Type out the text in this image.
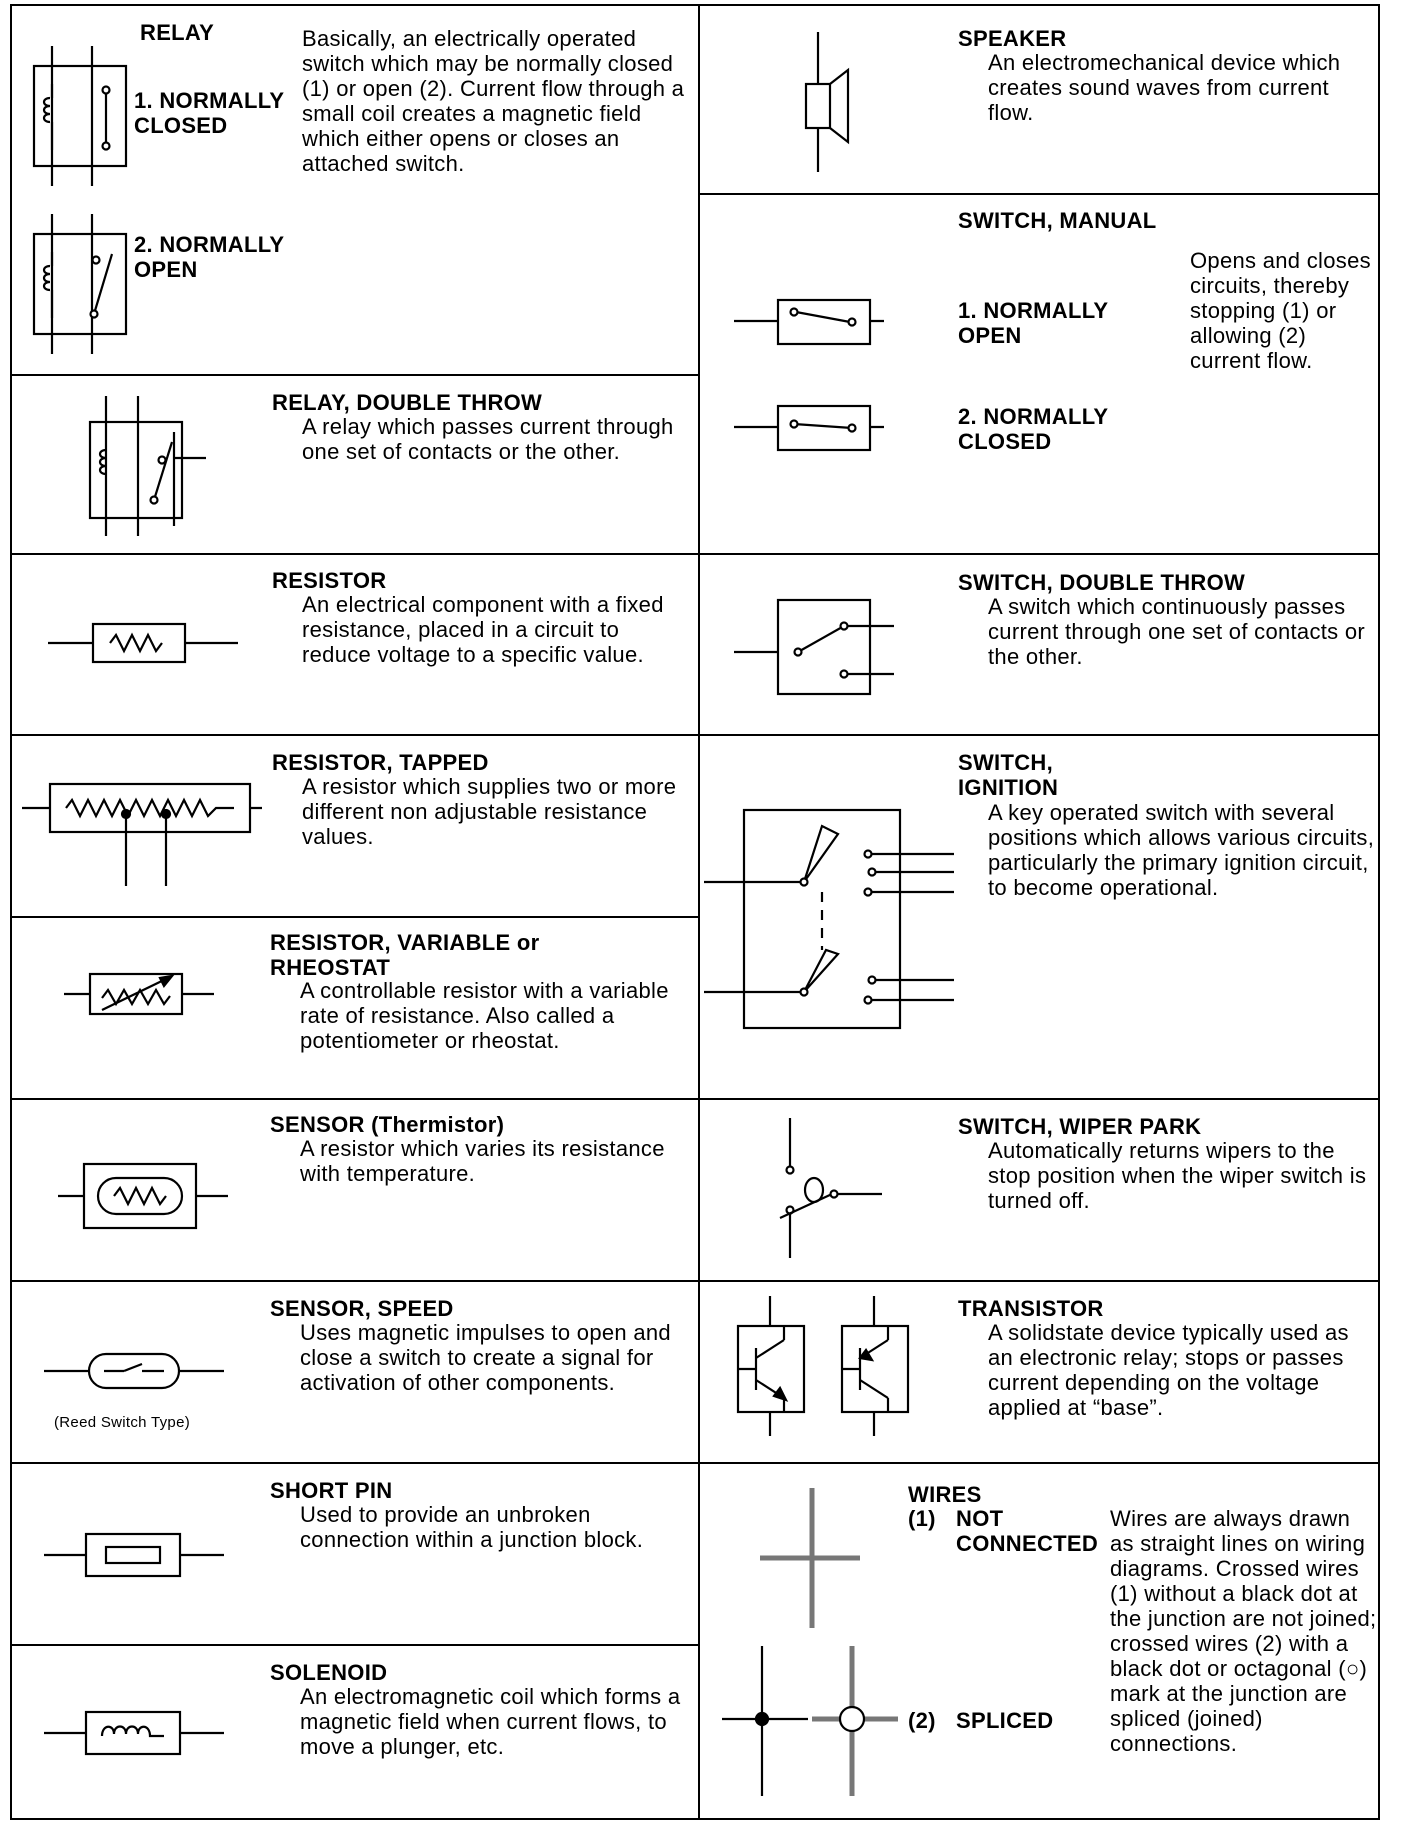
1. NORMALLY CLOSED
2. NORMALLY OPEN
RELAY	Basically, an electrically operated switch which may be normally closed (1) or open (2). Current flow through a small coil creates a magnetic field which either opens or closes an attached switch.
RELAY, DOUBLE THROW
A relay which passes current through one set of contacts or the other.
RESISTOR
An electrical component with a fixed resistance, placed in a circuit to reduce voltage to a specific value.
RESISTOR, TAPPED
A resistor which supplies two or more different non adjustable resistance values.
RESISTOR, VARIABLE or RHEOSTAT
A controllable resistor with a variable rate of resistance. Also called a potentiometer or rheostat.
SENSOR (Thermistor)
A resistor which varies its resistance with temperature.
(Reed Switch Type)
SENSOR, SPEED
Uses magnetic impulses to open and close a switch to create a signal for activation of other components.
SHORT PIN
Used to provide an unbroken connection within a junction block.
SOLENOID
An electromagnetic coil which forms a magnetic field when current flows, to move a plunger, etc.
SPEAKER
An electromechanical device which creates sound waves from current flow.
SWITCH, MANUAL
1. NORMALLY OPEN
2. NORMALLY CLOSED
Opens and closes circuits, thereby stopping (1) or allowing (2) current flow.
SWITCH, DOUBLE THROW
A switch which continuously passes current through one set of contacts or the other.
SWITCH, IGNITION
A key operated switch with several positions which allows various circuits, particularly the primary ignition circuit, to become operational.
SWITCH, WIPER PARK
Automatically returns wipers to the stop position when the wiper switch is turned off.
TRANSISTOR
A solidstate device typically used as an electronic relay; stops or passes current depending on the voltage applied at “base”.
WIRES
(1) NOT CONNECTED
(2) SPLICED
Wires are always drawn as straight lines on wiring diagrams. Crossed wires (1) without a black dot at the junction are not joined; crossed wires (2) with a black dot or octagonal (○) mark at the junction are spliced (joined) connections.
